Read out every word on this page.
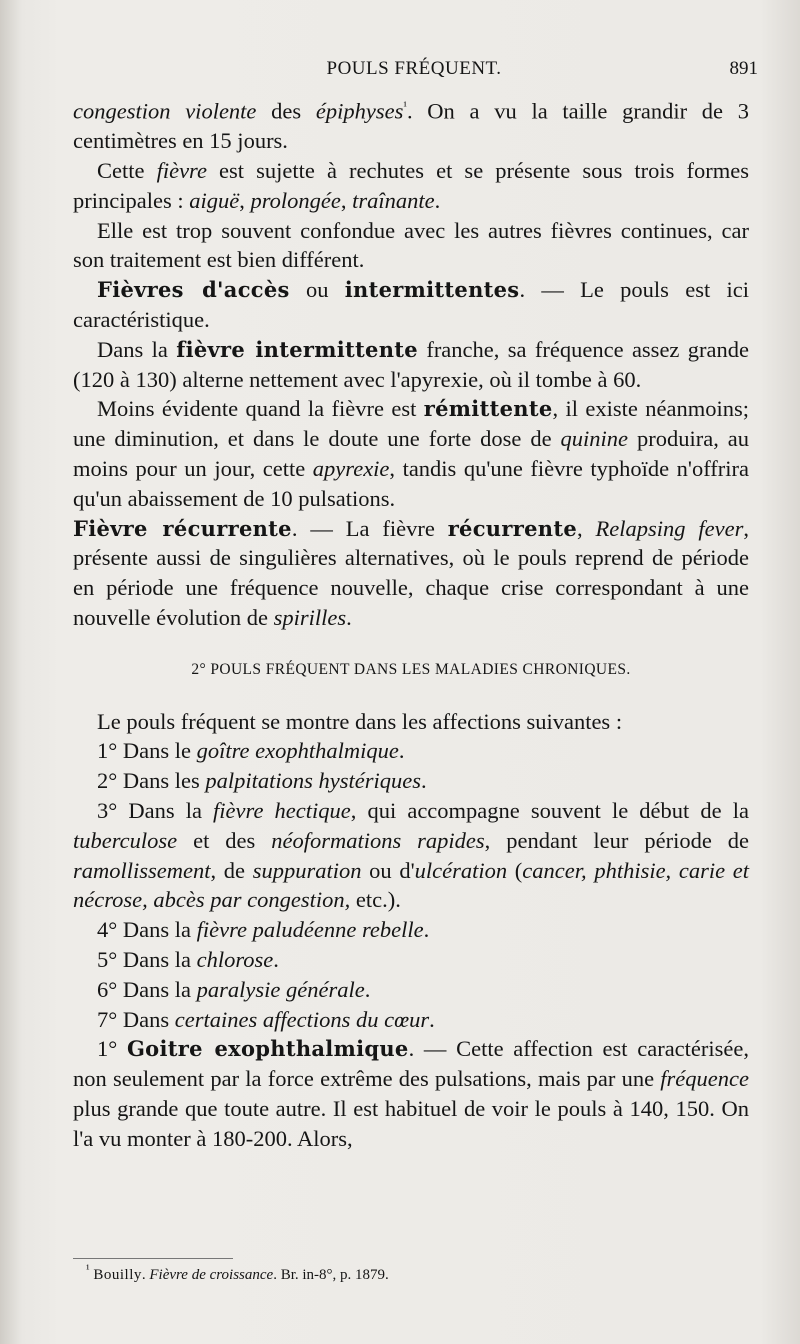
POULS FRÉQUENT.	891

congestion violente des épiphyses$^{^1}$. On a vu la taille grandir de 3 centimètres en 15 jours.

Cette fièvre est sujette à rechutes et se présente sous trois formes principales : aiguë, prolongée, traînante.

Elle est trop souvent confondue avec les autres fièvres continues, car son traitement est bien différent.

Fièvres d'accès ou intermittentes. — Le pouls est ici caractéristique.

Dans la fièvre intermittente franche, sa fréquence assez grande (120 à 130) alterne nettement avec l'apyrexie, où il tombe à 60.

Moins évidente quand la fièvre est rémittente, il existe néanmoins; une diminution, et dans le doute une forte dose de quinine produira, au moins pour un jour, cette apyrexie, tandis qu'une fièvre typhoïde n'offrira qu'un abaissement de 10 pulsations.

Fièvre récurrente. — La fièvre récurrente, Relapsing fever, présente aussi de singulières alternatives, où le pouls reprend de période en période une fréquence nouvelle, chaque crise correspondant à une nouvelle évolution de spirilles.

2° POULS FRÉQUENT DANS LES MALADIES CHRONIQUES.

Le pouls fréquent se montre dans les affections suivantes :

1° Dans le goître exophthalmique.

2° Dans les palpitations hystériques.

3° Dans la fièvre hectique, qui accompagne souvent le début de la tuberculose et des néoformations rapides, pendant leur période de ramollissement, de suppuration ou d'ulcération (cancer, phthisie, carie et nécrose, abcès par congestion, etc.).

4° Dans la fièvre paludéenne rebelle.

5° Dans la chlorose.

6° Dans la paralysie générale.

7° Dans certaines affections du cœur.

1° Goitre exophthalmique. — Cette affection est caractérisée, non seulement par la force extrême des pulsations, mais par une fréquence plus grande que toute autre. Il est habituel de voir le pouls à 140, 150. On l'a vu monter à 180-200. Alors,

$^{^1}$ Bouilly. Fièvre de croissance. Br. in-8°, p. 1879.
